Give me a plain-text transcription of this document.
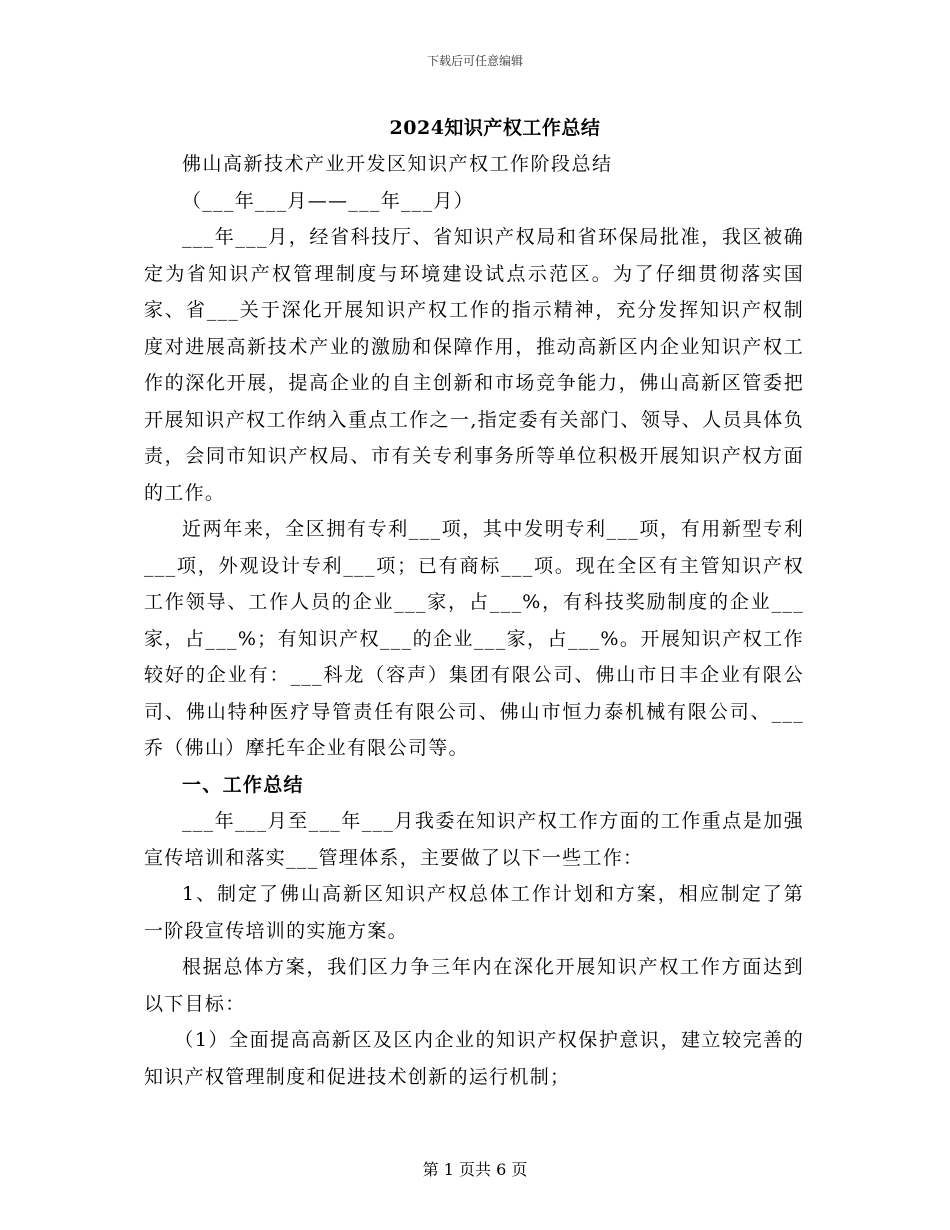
下载后可任意编辑
2024知识产权工作总结

佛山高新技术产业开发区知识产权工作阶段总结

（___年___月——___年___月）

___年___月，经省科技厅、省知识产权局和省环保局批准，我区被确定为省知识产权管理制度与环境建设试点示范区。为了仔细贯彻落实国家、省___关于深化开展知识产权工作的指示精神，充分发挥知识产权制度对进展高新技术产业的激励和保障作用，推动高新区内企业知识产权工作的深化开展，提高企业的自主创新和市场竞争能力，佛山高新区管委把开展知识产权工作纳入重点工作之一,指定委有关部门、领导、人员具体负责，会同市知识产权局、市有关专利事务所等单位积极开展知识产权方面的工作。

近两年来，全区拥有专利___项，其中发明专利___项，有用新型专利___项，外观设计专利___项；已有商标___项。现在全区有主管知识产权工作领导、工作人员的企业___家，占___%，有科技奖励制度的企业___家，占___%；有知识产权___的企业___家，占___%。开展知识产权工作较好的企业有：___科龙（容声）集团有限公司、佛山市日丰企业有限公司、佛山特种医疗导管责任有限公司、佛山市恒力泰机械有限公司、___乔（佛山）摩托车企业有限公司等。

一、工作总结

___年___月至___年___月我委在知识产权工作方面的工作重点是加强宣传培训和落实___管理体系，主要做了以下一些工作：

1、制定了佛山高新区知识产权总体工作计划和方案，相应制定了第一阶段宣传培训的实施方案。

根据总体方案，我们区力争三年内在深化开展知识产权工作方面达到以下目标：

（1）全面提高高新区及区内企业的知识产权保护意识，建立较完善的知识产权管理制度和促进技术创新的运行机制；

第 1 页共 6 页
